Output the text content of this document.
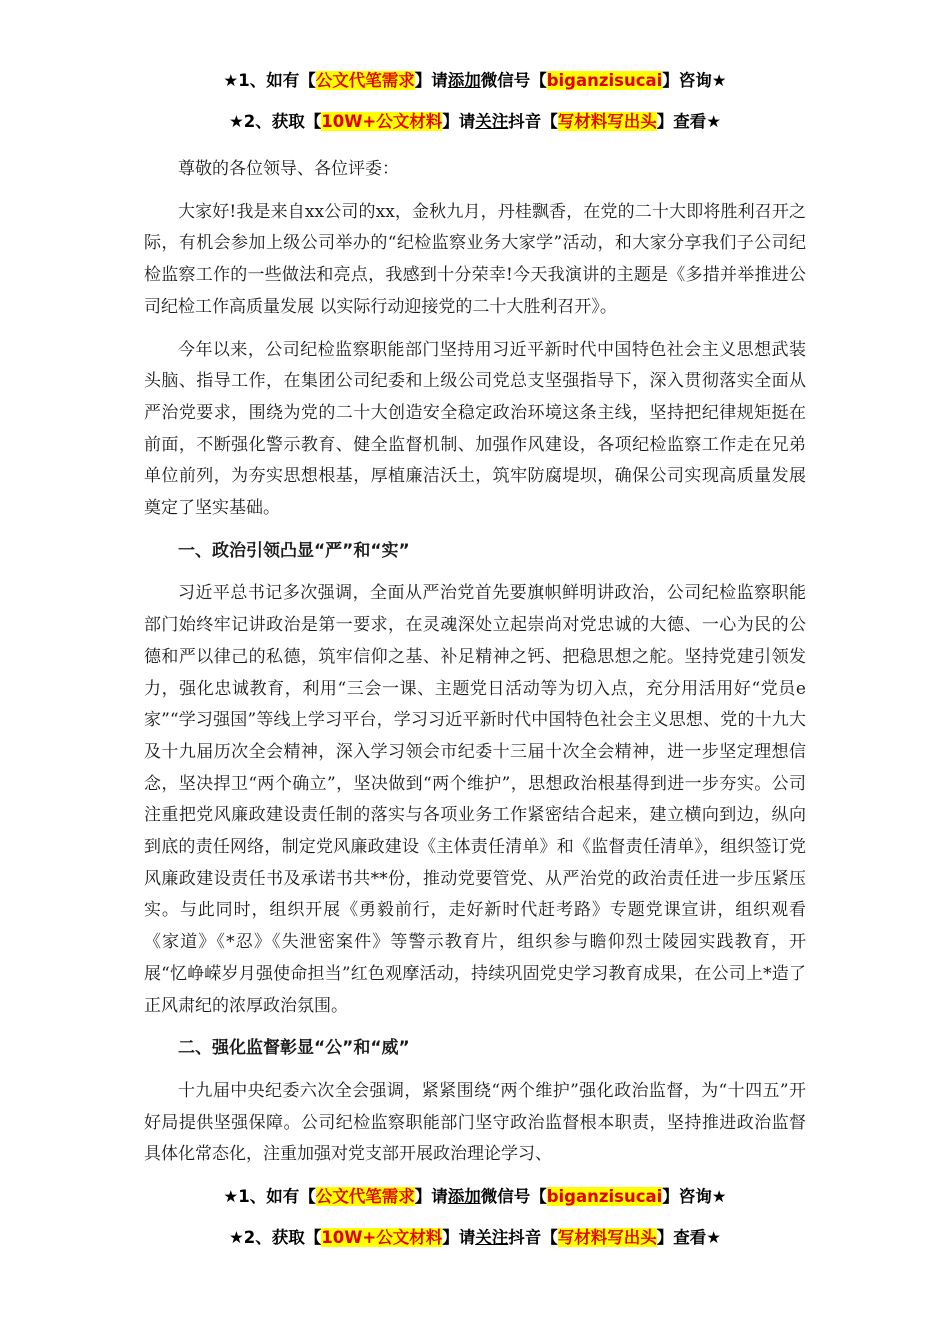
★1、如有【公文代笔需求】请添加微信号【biganzisucai】咨询★
★2、获取【10W+公文材料】请关注抖音【写材料写出头】查看★

尊敬的各位领导、各位评委：

大家好!我是来自xx公司的xx，金秋九月，丹桂飘香，在党的二十大即将胜利召开之际，有机会参加上级公司举办的“纪检监察业务大家学”活动，和大家分享我们子公司纪检监察工作的一些做法和亮点，我感到十分荣幸!今天我演讲的主题是《多措并举推进公司纪检工作高质量发展 以实际行动迎接党的二十大胜利召开》。

今年以来，公司纪检监察职能部门坚持用习近平新时代中国特色社会主义思想武装头脑、指导工作，在集团公司纪委和上级公司党总支坚强指导下，深入贯彻落实全面从严治党要求，围绕为党的二十大创造安全稳定政治环境这条主线，坚持把纪律规矩挺在前面，不断强化警示教育、健全监督机制、加强作风建设，各项纪检监察工作走在兄弟单位前列，为夯实思想根基，厚植廉洁沃土，筑牢防腐堤坝，确保公司实现高质量发展奠定了坚实基础。

一、政治引领凸显“严”和“实”

习近平总书记多次强调，全面从严治党首先要旗帜鲜明讲政治，公司纪检监察职能部门始终牢记讲政治是第一要求，在灵魂深处立起崇尚对党忠诚的大德、一心为民的公德和严以律己的私德，筑牢信仰之基、补足精神之钙、把稳思想之舵。坚持党建引领发力，强化忠诚教育，利用“三会一课、主题党日活动等为切入点，充分用活用好“党员e家”“学习强国”等线上学习平台，学习习近平新时代中国特色社会主义思想、党的十九大及十九届历次全会精神，深入学习领会市纪委十三届十次全会精神，进一步坚定理想信念，坚决捍卫“两个确立”，坚决做到“两个维护”，思想政治根基得到进一步夯实。公司注重把党风廉政建设责任制的落实与各项业务工作紧密结合起来，建立横向到边，纵向到底的责任网络，制定党风廉政建设《主体责任清单》和《监督责任清单》，组织签订党风廉政建设责任书及承诺书共**份，推动党要管党、从严治党的政治责任进一步压紧压实。与此同时，组织开展《勇毅前行，走好新时代赶考路》专题党课宣讲，组织观看《家道》《*忍》《失泄密案件》等警示教育片，组织参与瞻仰烈士陵园实践教育，开展“忆峥嵘岁月强使命担当”红色观摩活动，持续巩固党史学习教育成果，在公司上*造了正风肃纪的浓厚政治氛围。

二、强化监督彰显“公”和“威”

十九届中央纪委六次全会强调，紧紧围绕“两个维护”强化政治监督，为“十四五”开好局提供坚强保障。公司纪检监察职能部门坚守政治监督根本职责，坚持推进政治监督具体化常态化，注重加强对党支部开展政治理论学习、

★1、如有【公文代笔需求】请添加微信号【biganzisucai】咨询★
★2、获取【10W+公文材料】请关注抖音【写材料写出头】查看★
